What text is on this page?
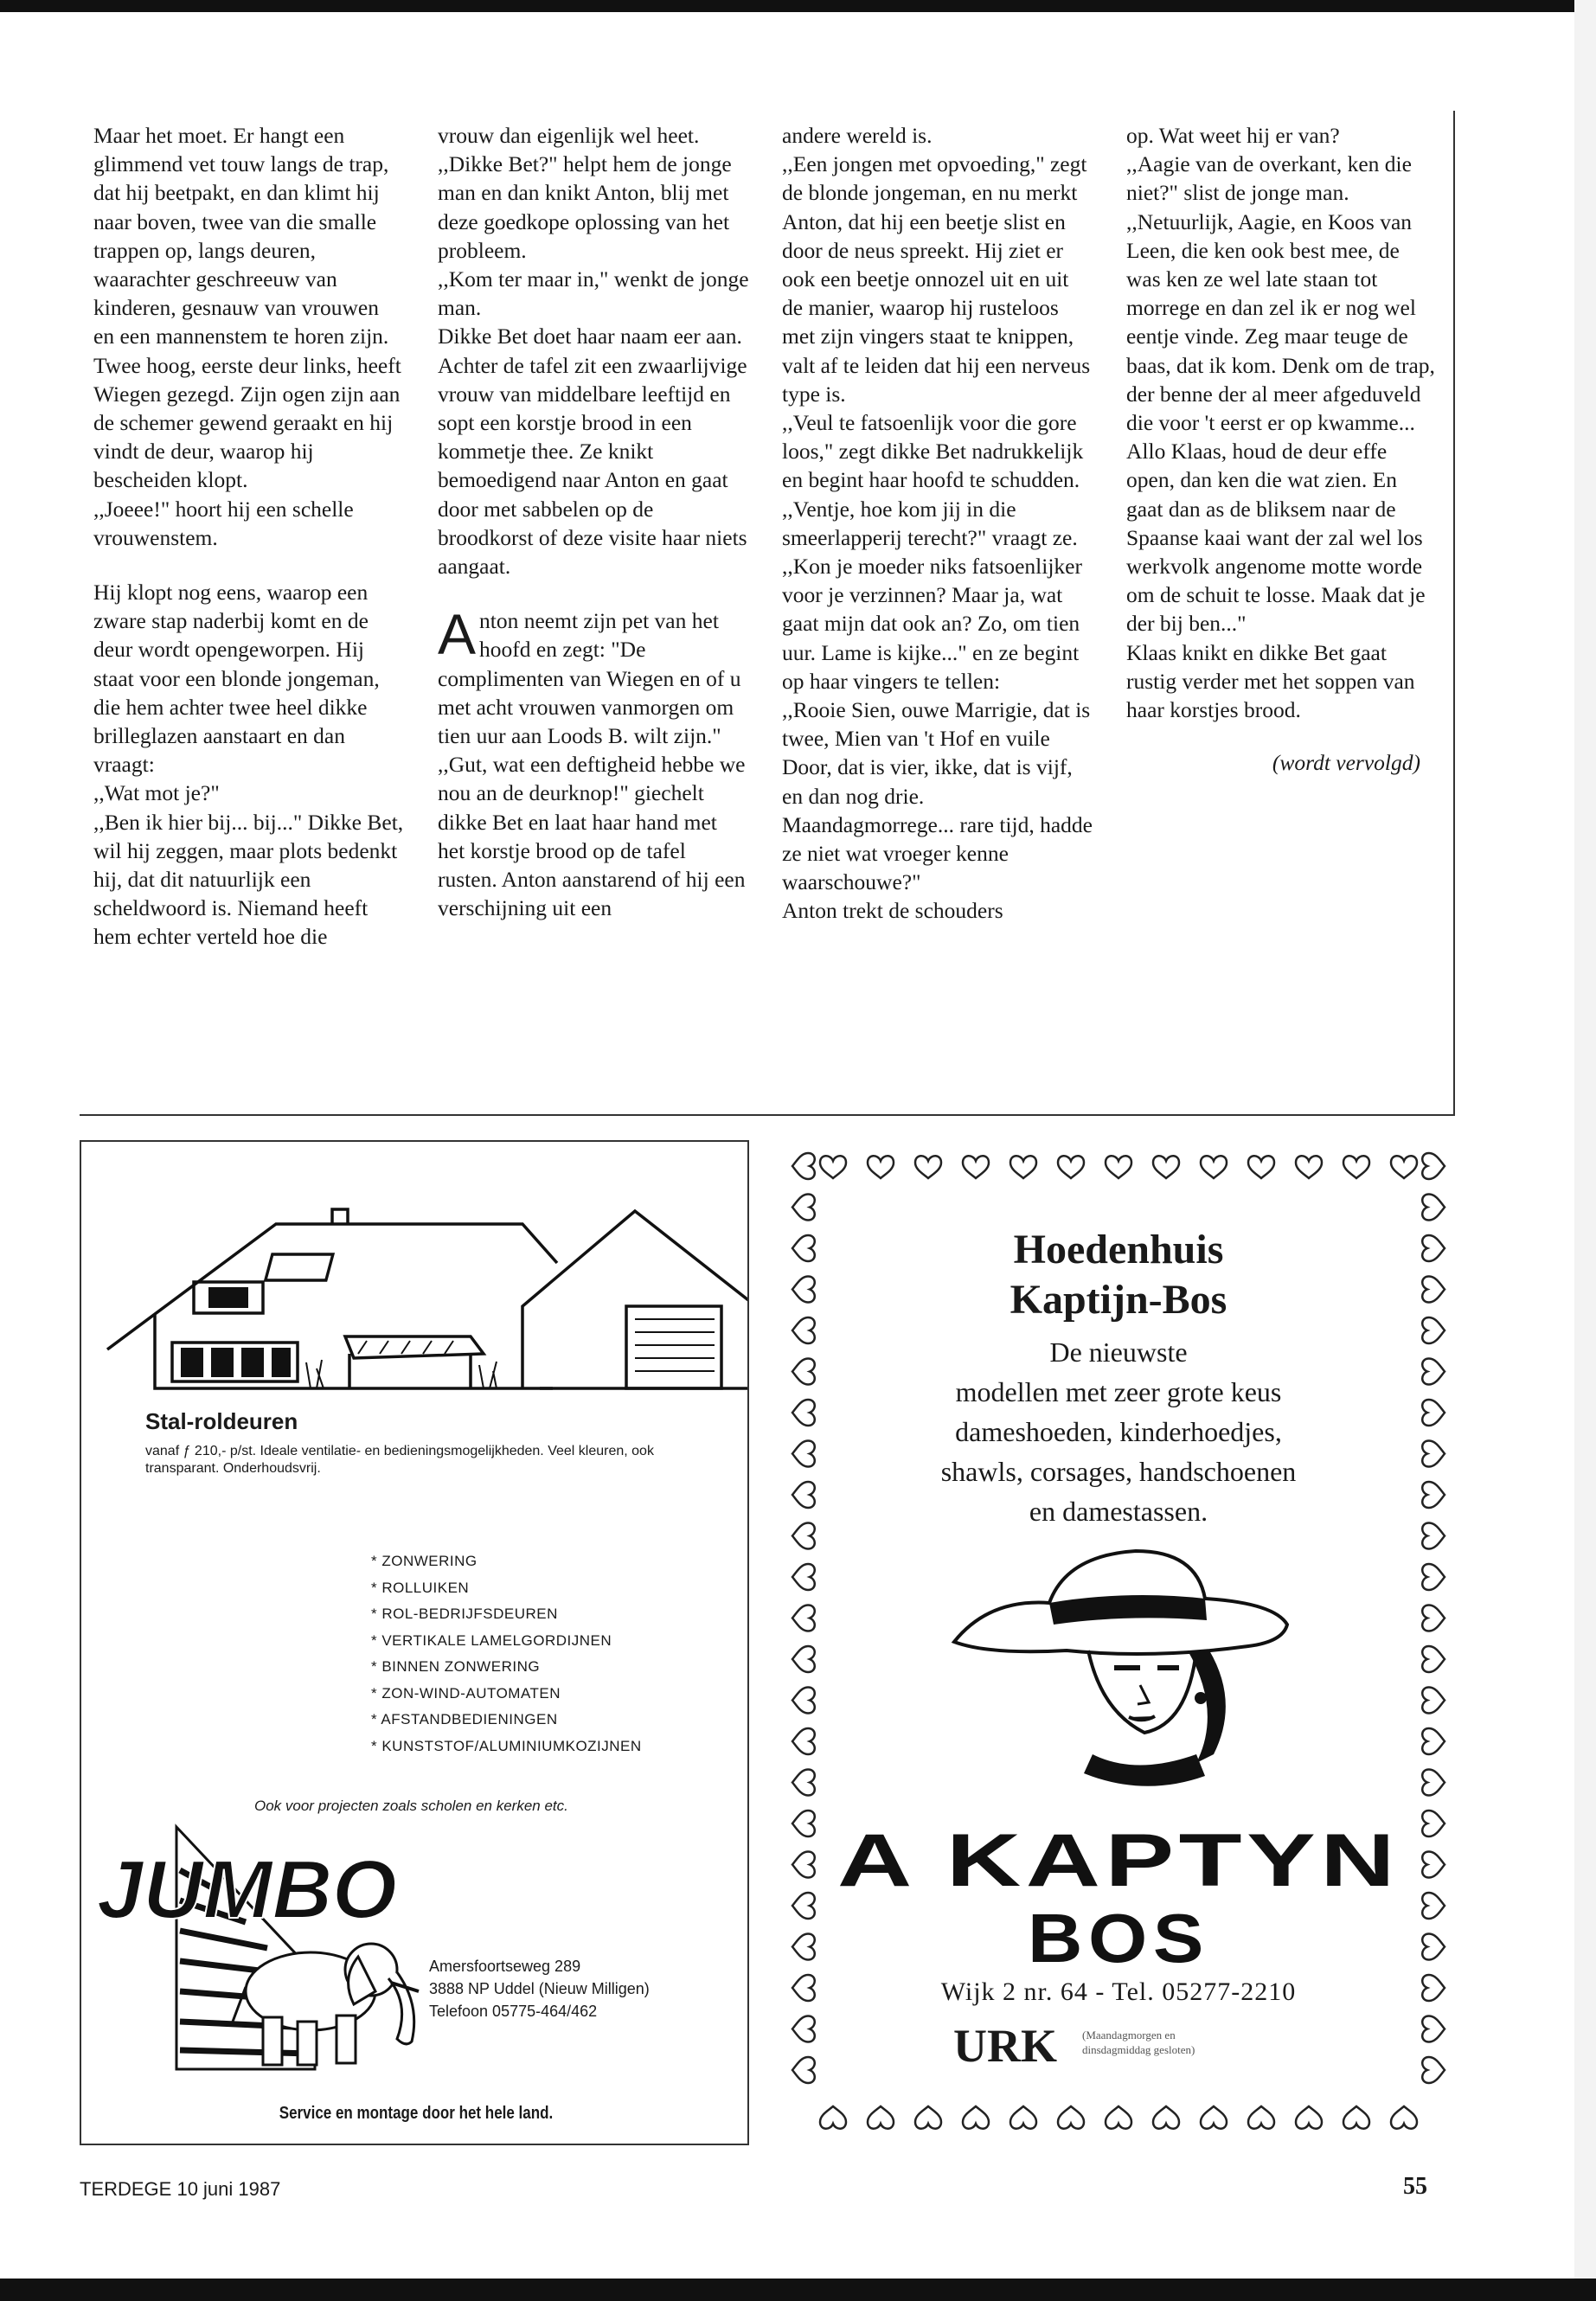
Maar het moet. Er hangt een glimmend vet touw langs de trap, dat hij beetpakt, en dan klimt hij naar boven, twee van die smalle trappen op, langs deuren, waarachter geschreeuw van kinderen, gesnauw van vrouwen en een mannenstem te horen zijn. Twee hoog, eerste deur links, heeft Wiegen gezegd. Zijn ogen zijn aan de schemer gewend geraakt en hij vindt de deur, waarop hij bescheiden klopt.

,,Joeee!" hoort hij een schelle vrouwenstem.

Hij klopt nog eens, waarop een zware stap naderbij komt en de deur wordt opengeworpen. Hij staat voor een blonde jongeman, die hem achter twee heel dikke brilleglazen aanstaart en dan vraagt:

,,Wat mot je?"

,,Ben ik hier bij... bij..." Dikke Bet, wil hij zeggen, maar plots bedenkt hij, dat dit natuurlijk een scheldwoord is. Niemand heeft hem echter verteld hoe die

vrouw dan eigenlijk wel heet.

,,Dikke Bet?" helpt hem de jonge man en dan knikt Anton, blij met deze goedkope oplossing van het probleem.

,,Kom ter maar in," wenkt de jonge man.

Dikke Bet doet haar naam eer aan. Achter de tafel zit een zwaarlijvige vrouw van middelbare leeftijd en sopt een korstje brood in een kommetje thee. Ze knikt bemoedigend naar Anton en gaat door met sabbelen op de broodkorst of deze visite haar niets aangaat.

Anton neemt zijn pet van het hoofd en zegt: "De complimenten van Wiegen en of u met acht vrouwen vanmorgen om tien uur aan Loods B. wilt zijn."

,,Gut, wat een deftigheid hebbe we nou an de deurknop!" giechelt dikke Bet en laat haar hand met het korstje brood op de tafel rusten. Anton aanstarend of hij een verschijning uit een

andere wereld is.

,,Een jongen met opvoeding," zegt de blonde jongeman, en nu merkt Anton, dat hij een beetje slist en door de neus spreekt. Hij ziet er ook een beetje onnozel uit en uit de manier, waarop hij rusteloos met zijn vingers staat te knippen, valt af te leiden dat hij een nerveus type is.

,,Veul te fatsoenlijk voor die gore loos," zegt dikke Bet nadrukkelijk en begint haar hoofd te schudden.

,,Ventje, hoe kom jij in die smeerlapperij terecht?" vraagt ze. ,,Kon je moeder niks fatsoenlijker voor je verzinnen? Maar ja, wat gaat mijn dat ook an? Zo, om tien uur. Lame is kijke..." en ze begint op haar vingers te tellen:

,,Rooie Sien, ouwe Marrigie, dat is twee, Mien van 't Hof en vuile Door, dat is vier, ikke, dat is vijf, en dan nog drie. Maandagmorrege... rare tijd, hadde ze niet wat vroeger kenne waarschouwe?"

Anton trekt de schouders

op. Wat weet hij er van?

,,Aagie van de overkant, ken die niet?" slist de jonge man.

,,Netuurlijk, Aagie, en Koos van Leen, die ken ook best mee, de was ken ze wel late staan tot morrege en dan zel ik er nog wel eentje vinde. Zeg maar teuge de baas, dat ik kom. Denk om de trap, der benne der al meer afgeduveld die voor 't eerst er op kwamme... Allo Klaas, houd de deur effe open, dan ken die wat zien. En gaat dan as de bliksem naar de Spaanse kaai want der zal wel los werkvolk angenome motte worde om de schuit te losse. Maak dat je der bij ben..."

Klaas knikt en dikke Bet gaat rustig verder met het soppen van haar korstjes brood.

(wordt vervolgd)

Stal-roldeuren
vanaf ƒ 210,- p/st. Ideale ventilatie- en bedieningsmogelijkheden. Veel kleuren, ook transparant. Onderhoudsvrij.
* ZONWERING
* ROLLUIKEN
* ROL-BEDRIJFSDEUREN
* VERTIKALE LAMELGORDIJNEN
* BINNEN ZONWERING
* ZON-WIND-AUTOMATEN
* AFSTANDBEDIENINGEN
* KUNSTSTOF/ALUMINIUMKOZIJNEN
Ook voor projecten zoals scholen en kerken etc.
JUMBO
Amersfoortseweg 289
3888 NP Uddel (Nieuw Milligen)
Telefoon 05775-464/462
Service en montage door het hele land.
Hoedenhuis
Kaptijn-Bos
De nieuwste
modellen met zeer grote keus
dameshoeden, kinderhoedjes,
shawls, corsages, handschoenen
en damestassen.
A KAPTYN
BOS
Wijk 2 nr. 64 - Tel. 05277-2210
URK (Maandagmorgen en
dinsdagmiddag gesloten)
TERDEGE 10 juni 1987	55
